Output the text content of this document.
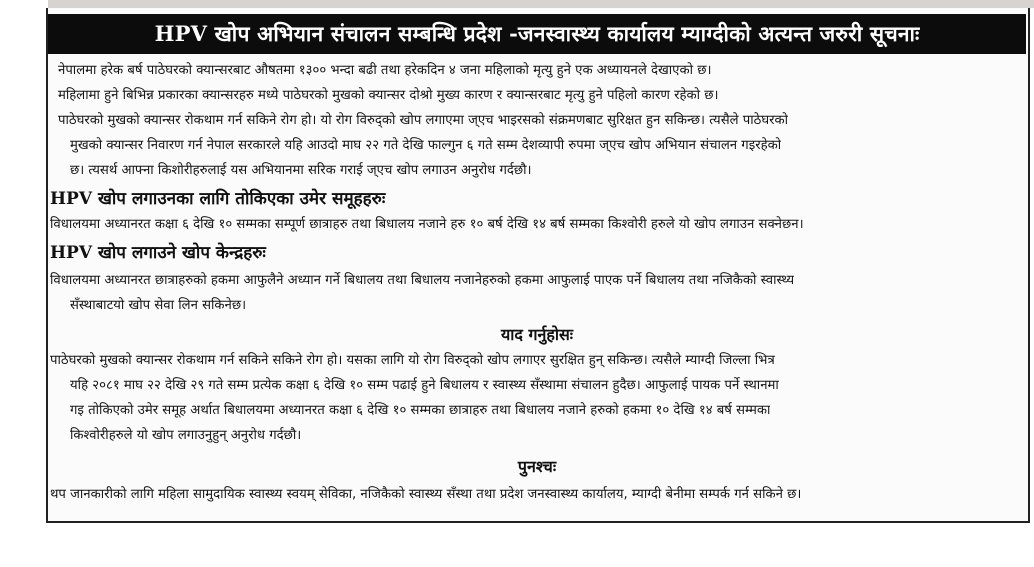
HPV खोप अभियान संचालन सम्बन्धि प्रदेश -जनस्वास्थ्य कार्यालय म्याग्दीको अत्यन्त जरुरी सूचनाः
नेपालमा हरेक बर्ष पाठेघरको क्यान्सरबाट औषतमा १३०० भन्दा बढी तथा हरेकदिन ४ जना महिलाको मृत्यु हुने एक अध्यायनले देखाएको छ।
महिलामा हुने बिभिन्न प्रकारका क्यान्सरहरु मध्ये पाठेघरको मुखको क्यान्सर दोश्रो मुख्य कारण र क्यान्सरबाट मृत्यु हुने पहिलो कारण रहेको छ।
पाठेघरको मुखको क्यान्सर रोकथाम गर्न सकिने रोग हो। यो रोग विरुद्को खोप लगाएमा ज्एच भाइरसको संक्रमणबाट सुरिक्षत हुन सकिन्छ। त्यसैले पाठेघरको
मुखको क्यान्सर निवारण गर्न नेपाल सरकारले यहि आउदो माघ २२ गते देखि फाल्गुन ६ गते सम्म देशव्यापी रुपमा ज्एच खोप अभियान संचालन गइरहेको
छ। त्यसर्थ आफ्ना किशोरीहरुलाई यस अभियानमा सरिक गराई ज्एच खोप लगाउन अनुरोध गर्दछौ।
HPV खोप लगाउनका लागि तोकिएका उमेर समूहहरुः
विधालयमा अध्यानरत कक्षा ६ देखि १० सम्मका सम्पूर्ण छात्राहरु तथा बिधालय नजाने हरु १० बर्ष देखि १४ बर्ष सम्मका किश्वोरी हरुले यो खोप लगाउन सक्नेछन।
HPV खोप लगाउने खोप केन्द्रहरुः
विधालयमा अध्यानरत छात्राहरुको हकमा आफुलैने अध्यान गर्ने बिधालय तथा बिधालय नजानेहरुको हकमा आफुलाई पाएक पर्ने बिधालय तथा नजिकैको स्वास्थ्य
सँस्थाबाटयो खोप सेवा लिन सकिनेछ।
याद गर्नुहोसः
पाठेघरको मुखको क्यान्सर रोकथाम गर्न सकिने सकिने रोग हो। यसका लागि यो रोग विरुद्को खोप लगाएर सुरक्षित हुन् सकिन्छ। त्यसैले म्याग्दी जिल्ला भित्र
यहि २०८१ माघ २२ देखि २९ गते सम्म प्रत्येक कक्षा ६ देखि १० सम्म पढाई हुने बिधालय र स्वास्थ्य सँस्थामा संचालन हुदैछ। आफुलाई पायक पर्ने स्थानमा
गइ तोकिएको उमेर समूह अर्थात बिधालयमा अध्यानरत कक्षा ६ देखि १० सम्मका छात्राहरु तथा बिधालय नजाने हरुको हकमा १० देखि १४ बर्ष सम्मका
किश्वोरीहरुले यो खोप लगाउनुहुन् अनुरोध गर्दछौ।
पुनश्चः
थप जानकारीको लागि महिला सामुदायिक स्वास्थ्य स्वयम् सेविका, नजिकैको स्वास्थ्य सँस्था तथा प्रदेश जनस्वास्थ्य कार्यालय, म्याग्दी बेनीमा सम्पर्क गर्न सकिने छ।
